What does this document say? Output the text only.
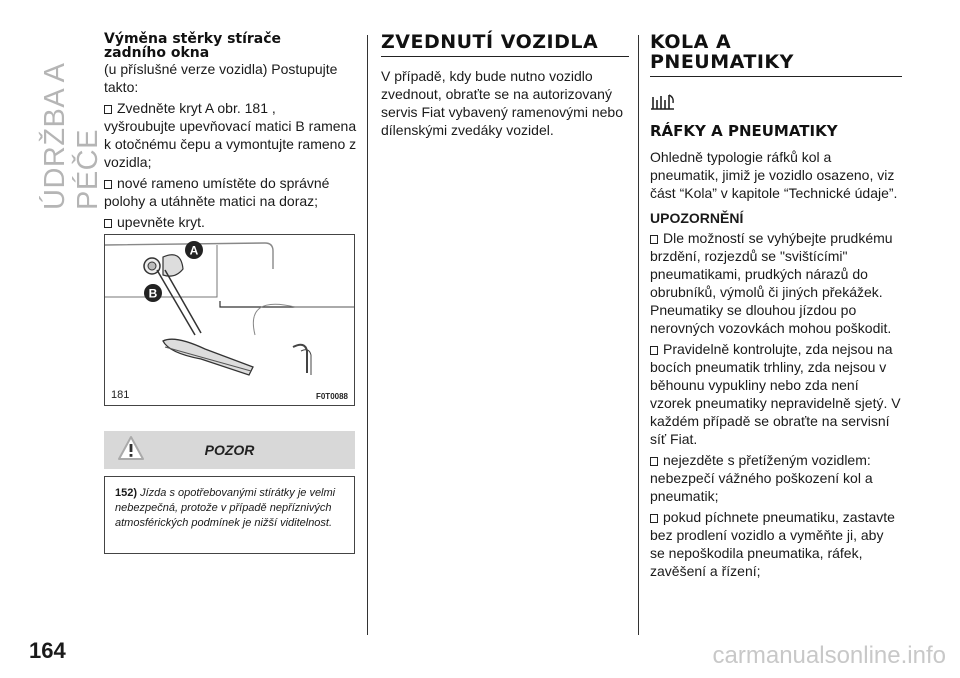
ÚDRŽBA A PÉČE
164	carmanualsonline.info
Výměna stěrky stírače
zadního okna

(u příslušné verze vozidla) Postupujte takto:

Zvedněte kryt A obr. 181 ,

vyšroubujte upevňovací matici B ramena k otočnému čepu a vymontujte rameno z vozidla;

nové rameno umístěte do správné polohy a utáhněte matici na doraz;

upevněte kryt.

A
B
181	F0T0088
POZOR
152) Jízda s opotřebovanými stírátky je velmi nebezpečná, protože v případě nepříznivých atmosférických podmínek je nižší viditelnost.
ZVEDNUTÍ VOZIDLA

V případě, kdy bude nutno vozidlo zvednout, obraťte se na autorizovaný servis Fiat vybavený ramenovými nebo dílenskými zvedáky vozidel.

KOLA A
PNEUMATIKY
RÁFKY A PNEUMATIKY

Ohledně typologie ráfků kol a pneumatik, jimiž je vozidlo osazeno, viz část “Kola” v kapitole “Technické údaje”.

UPOZORNĚNÍ

Dle možností se vyhýbejte prudkému brzdění, rozjezdů se "svištícími" pneumatikami, prudkých nárazů do obrubníků, výmolů či jiných překážek. Pneumatiky se dlouhou jízdou po nerovných vozovkách mohou poškodit.

Pravidelně kontrolujte, zda nejsou na bocích pneumatik trhliny, zda nejsou v běhounu vypukliny nebo zda není vzorek pneumatiky nepravidelně sjetý. V každém případě se obraťte na servisní síť Fiat.

nejezděte s přetíženým vozidlem: nebezpečí vážného poškození kol a pneumatik;

pokud píchnete pneumatiku, zastavte bez prodlení vozidlo a vyměňte ji, aby se nepoškodila pneumatika, ráfek, zavěšení a řízení;
